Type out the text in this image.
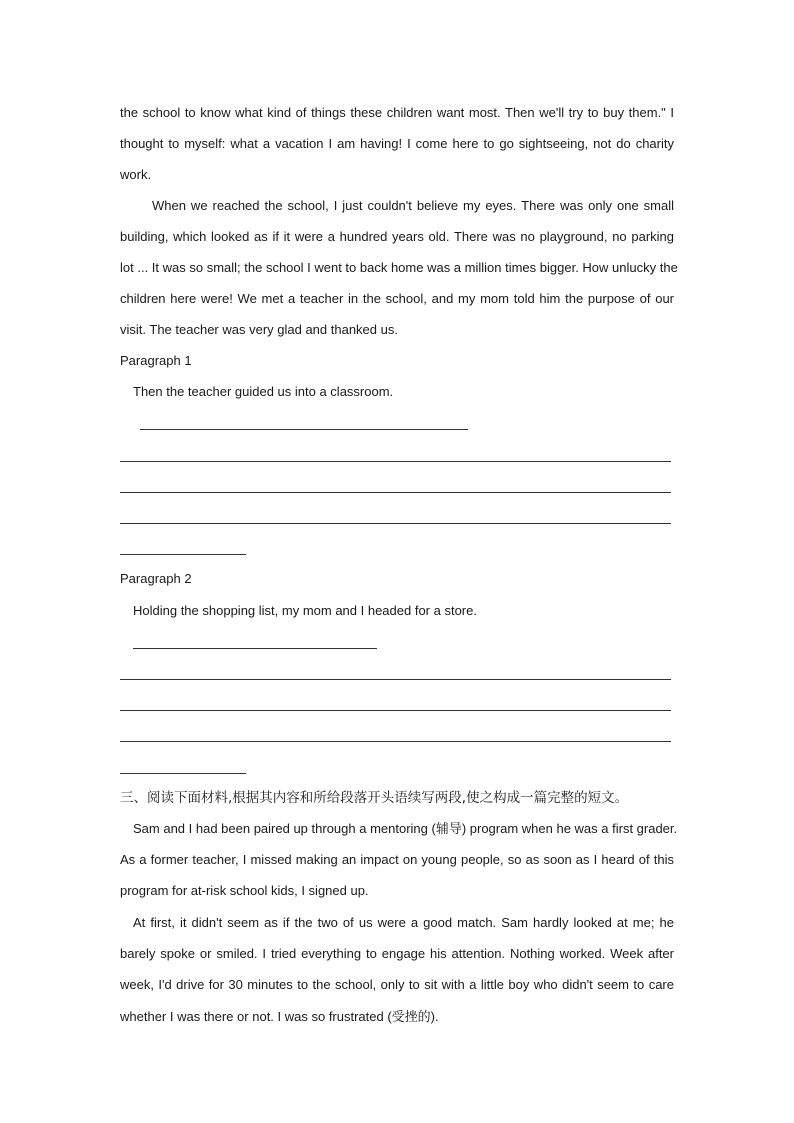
the school to know what kind of things these children want most. Then we'll try to buy them." I
thought to myself: what a vacation I am having! I come here to go sightseeing, not do charity
work.
When we reached the school, I just couldn't believe my eyes. There was only one small
building, which looked as if it were a hundred years old. There was no playground, no parking
lot ... It was so small; the school I went to back home was a million times bigger. How unlucky the
children here were! We met a teacher in the school, and my mom told him the purpose of our
visit. The teacher was very glad and thanked us.
Paragraph 1
Then the teacher guided us into a classroom.
Paragraph 2
Holding the shopping list, my mom and I headed for a store.
三、阅读下面材料,根据其内容和所给段落开头语续写两段,使之构成一篇完整的短文。
Sam and I had been paired up through a mentoring (辅导) program when he was a first grader.
As a former teacher, I missed making an impact on young people, so as soon as I heard of this
program for at-risk school kids, I signed up.
At first, it didn't seem as if the two of us were a good match. Sam hardly looked at me; he
barely spoke or smiled. I tried everything to engage his attention. Nothing worked. Week after
week, I'd drive for 30 minutes to the school, only to sit with a little boy who didn't seem to care
whether I was there or not. I was so frustrated (受挫的).
